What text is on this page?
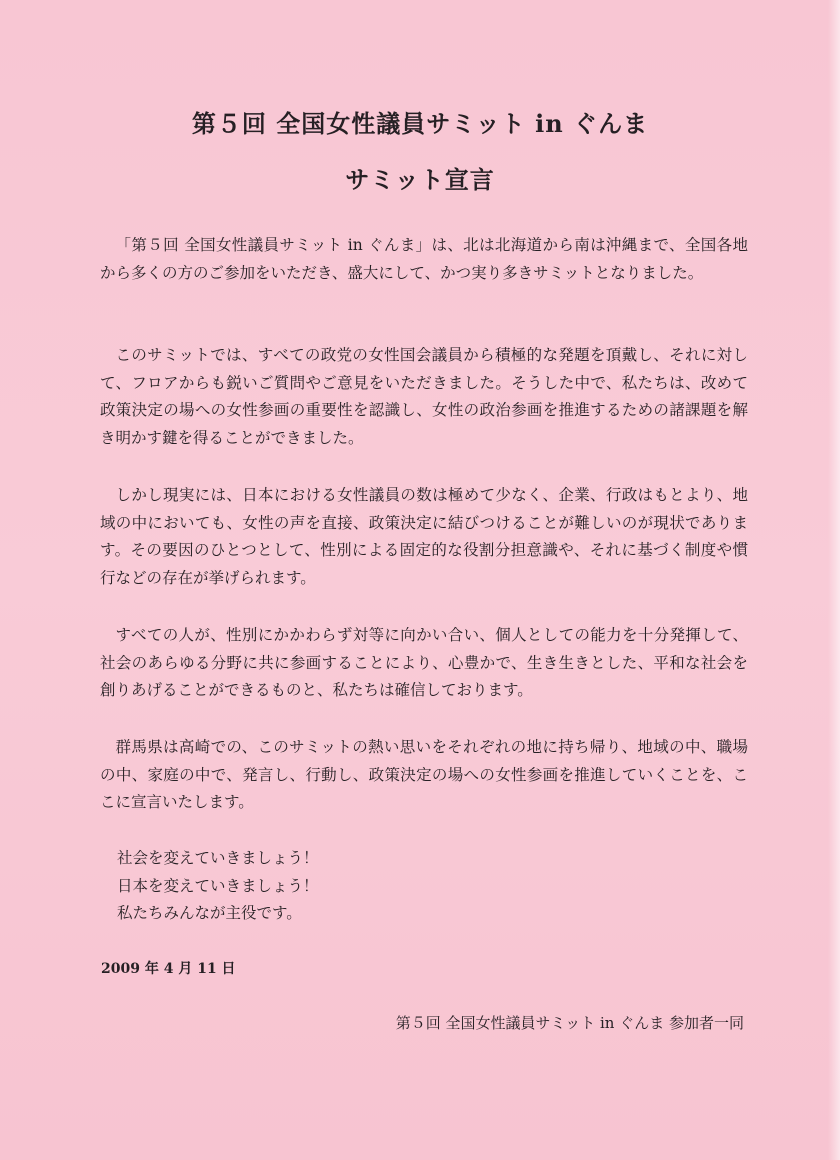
第５回 全国女性議員サミット in ぐんま
サミット宣言

「第５回 全国女性議員サミット in ぐんま」は、北は北海道から南は沖縄まで、全国各地から多くの方のご参加をいただき、盛大にして、かつ実り多きサミットとなりました。

このサミットでは、すべての政党の女性国会議員から積極的な発題を頂戴し、それに対して、フロアからも鋭いご質問やご意見をいただきました。そうした中で、私たちは、改めて政策決定の場への女性参画の重要性を認識し、女性の政治参画を推進するための諸課題を解き明かす鍵を得ることができました。

しかし現実には、日本における女性議員の数は極めて少なく、企業、行政はもとより、地域の中においても、女性の声を直接、政策決定に結びつけることが難しいのが現状であります。その要因のひとつとして、性別による固定的な役割分担意識や、それに基づく制度や慣行などの存在が挙げられます。

すべての人が、性別にかかわらず対等に向かい合い、個人としての能力を十分発揮して、社会のあらゆる分野に共に参画することにより、心豊かで、生き生きとした、平和な社会を創りあげることができるものと、私たちは確信しております。

群馬県は高崎での、このサミットの熱い思いをそれぞれの地に持ち帰り、地域の中、職場の中、家庭の中で、発言し、行動し、政策決定の場への女性参画を推進していくことを、ここに宣言いたします。

社会を変えていきましょう！
日本を変えていきましょう！
私たちみんなが主役です。
2009 年 4 月 11 日
第５回 全国女性議員サミット in ぐんま 参加者一同
